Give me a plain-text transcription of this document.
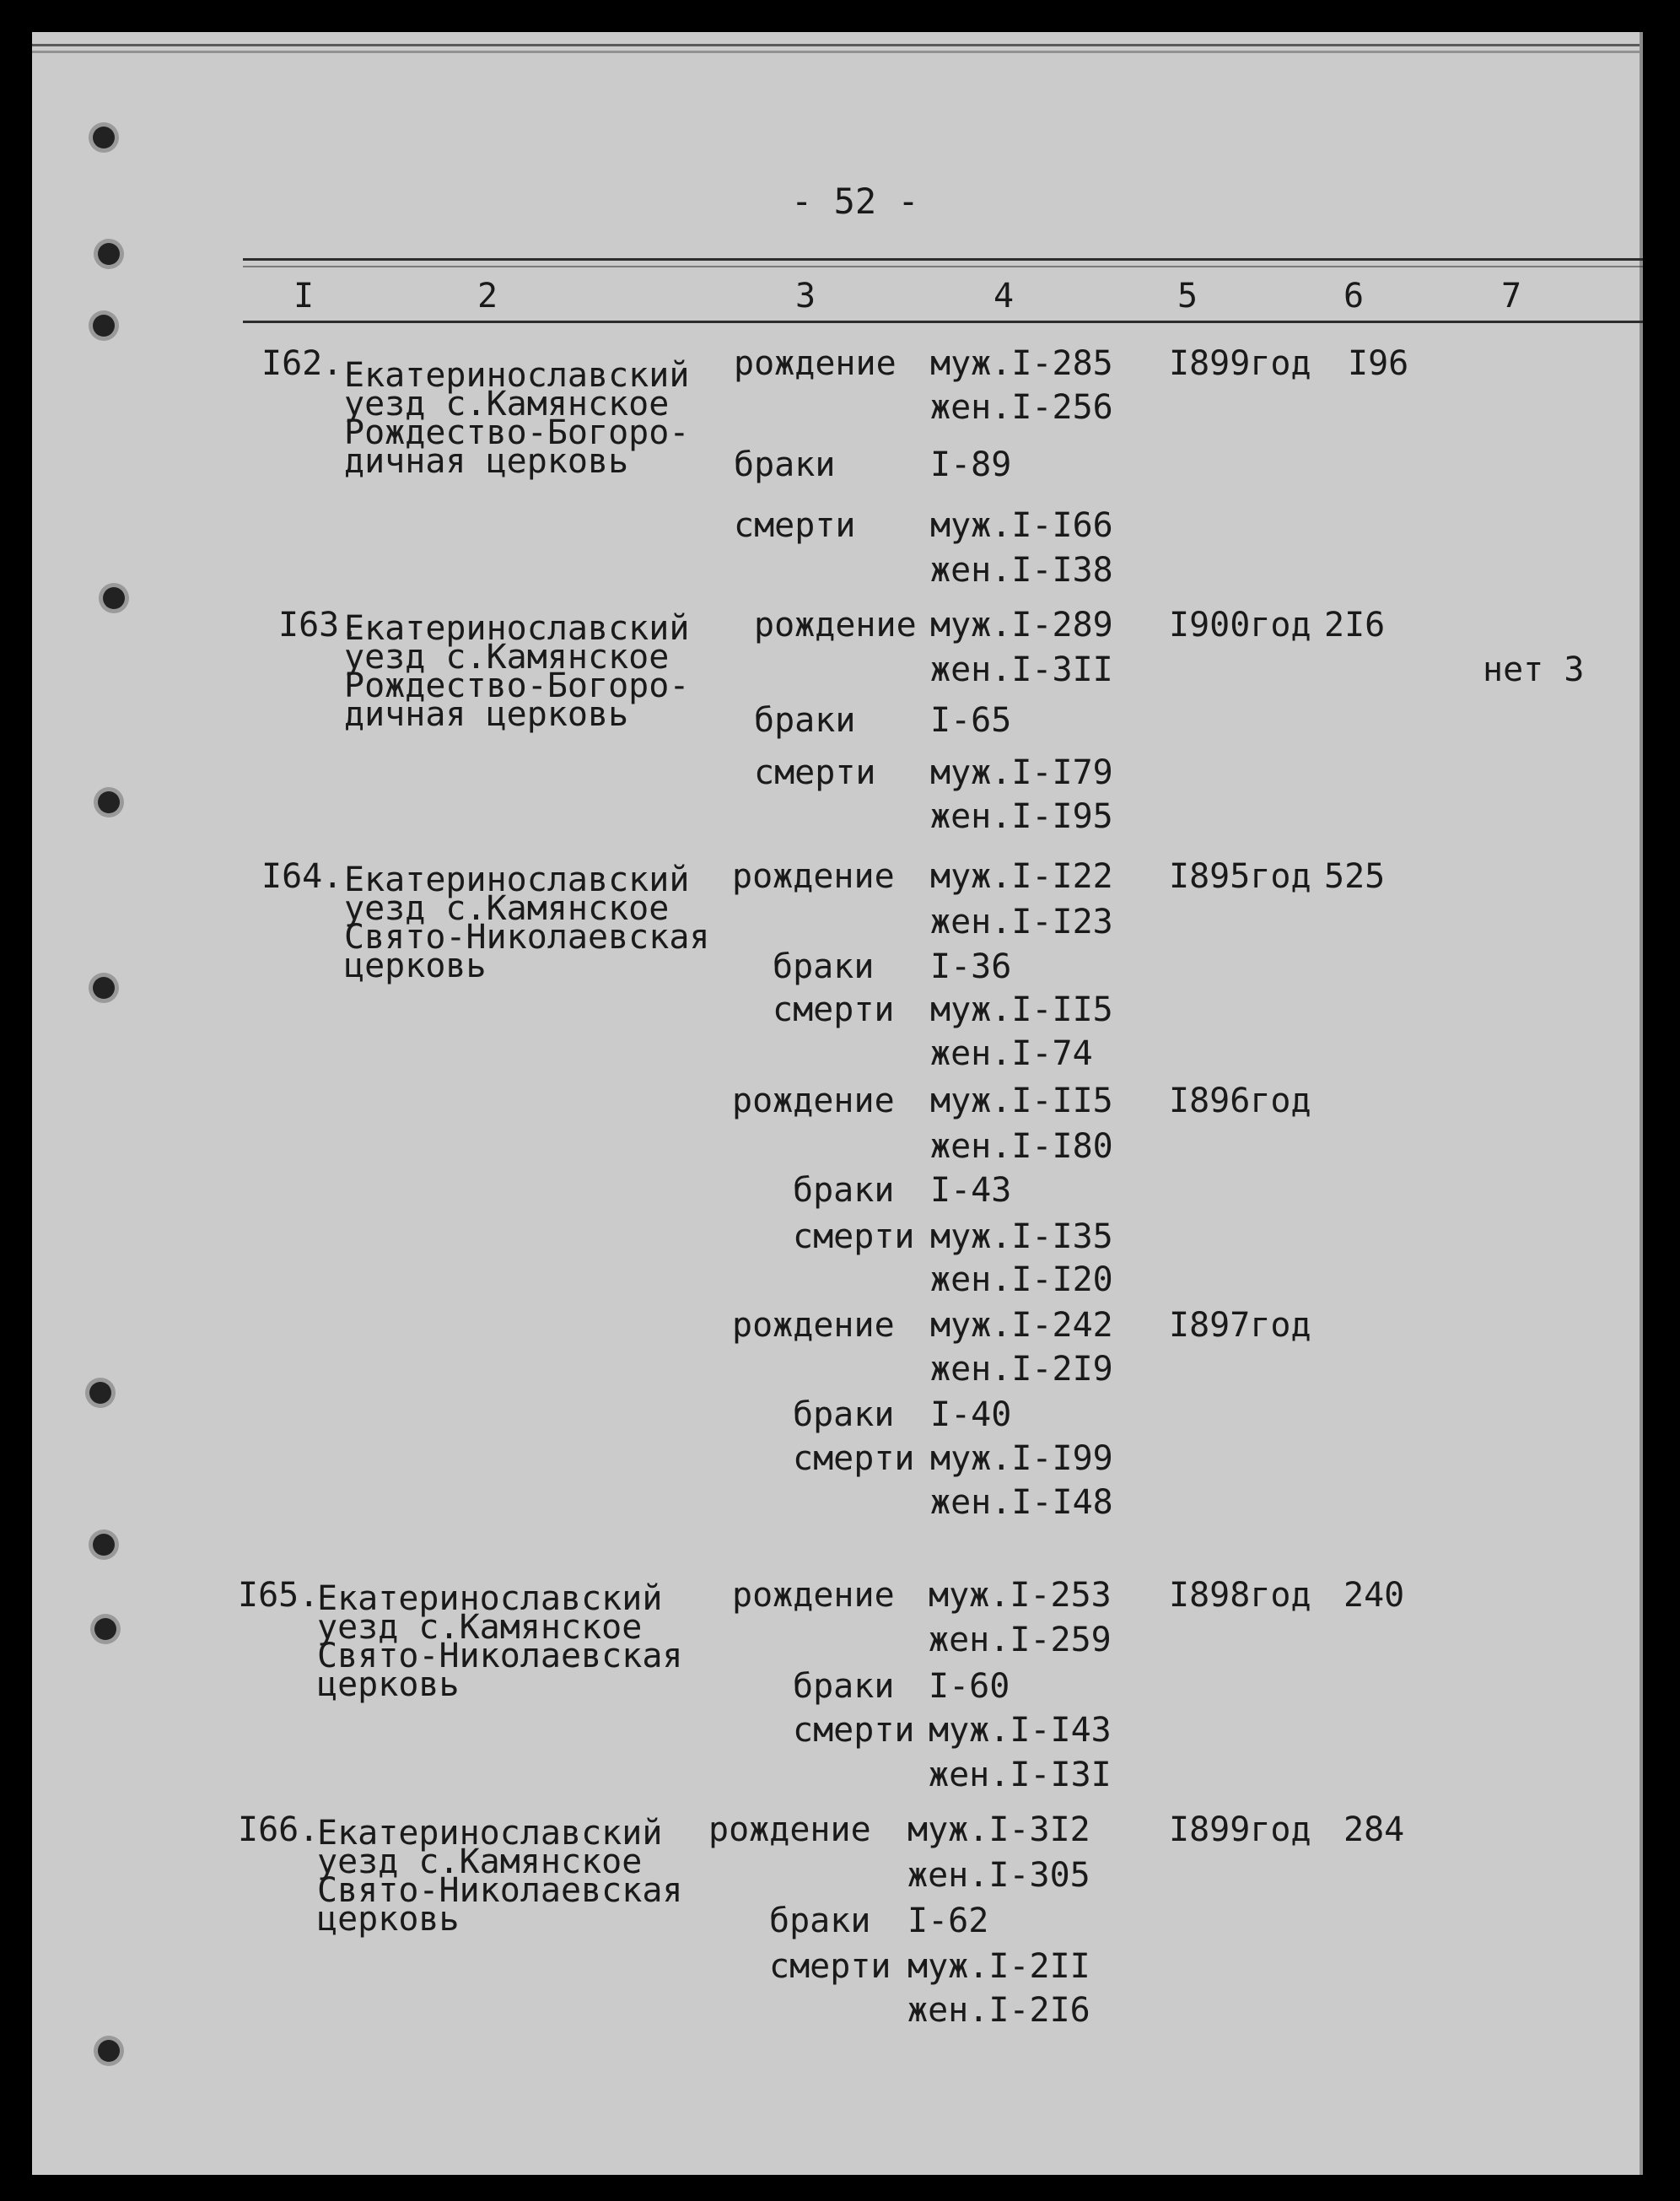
- 52 -
I	2	3	4	5	6	7
I62. Екатеринославский
уезд с.Камянское
Рождество-Богоро-
дичная церковь
рождение муж.I-285 I899год I96
жен.I-256
браки	I-89
смерти муж.I-I66
жен.I-I38
I63.
Екатеринославский
уезд с.Камянское
Рождество-Богоро-
дичная церковь
рождение муж.I-289 I900год 2I6
жен.I-3II	нет 3
браки I-65
смерти муж.I-I79
жен.I-I95
I64. Екатеринославский
уезд с.Камянское
Свято-Николаевская
церковь
рождение муж.I-I22 I895год 525
жен.I-I23
браки I-36
смерти муж.I-II5
жен.I-74
рождение муж.I-II5 I896год
жен.I-I80
браки I-43
смерти муж.I-I35
жен.I-I20
рождение муж.I-242 I897год
жен.I-2I9
браки I-40
смерти муж.I-I99
жен.I-I48
I65.
Екатеринославский
уезд с.Камянское
Свято-Николаевская
церковь
рождение муж.I-253 I898год 240
жен.I-259
браки I-60
смерти муж.I-I43
жен.I-I3I
I66.
Екатеринославский
уезд с.Камянское
Свято-Николаевская
церковь
рождение муж.I-3I2 I899год 284
жен.I-305
браки I-62
смерти муж.I-2II
жен.I-2I6
